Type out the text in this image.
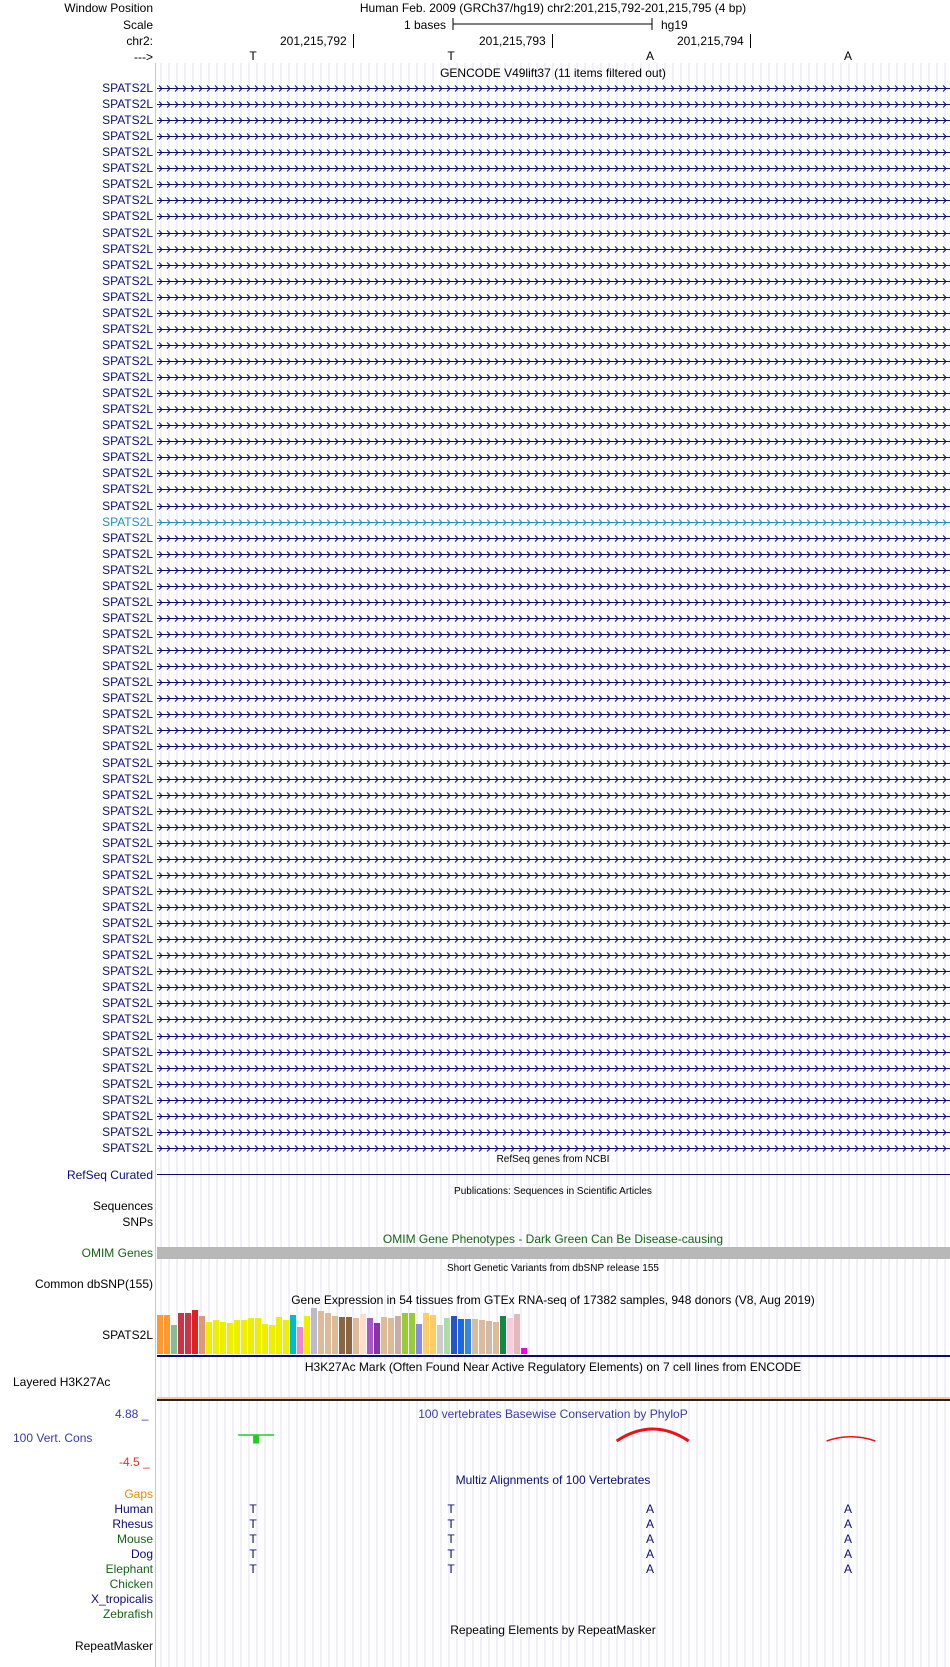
Window Position
Scale
chr2:
--->
Human Feb. 2009 (GRCh37/hg19) chr2:201,215,792-201,215,795 (4 bp)
1 bases	hg19
201,215,792	201,215,793	201,215,794
T	T	A	A
GENCODE V49lift37 (11 items filtered out)
SPATS2L
SPATS2L
SPATS2L
SPATS2L
SPATS2L
SPATS2L
SPATS2L
SPATS2L
SPATS2L
SPATS2L
SPATS2L
SPATS2L
SPATS2L
SPATS2L
SPATS2L
SPATS2L
SPATS2L
SPATS2L
SPATS2L
SPATS2L
SPATS2L
SPATS2L
SPATS2L
SPATS2L
SPATS2L
SPATS2L
SPATS2L
SPATS2L
SPATS2L
SPATS2L
SPATS2L
SPATS2L
SPATS2L
SPATS2L
SPATS2L
SPATS2L
SPATS2L
SPATS2L
SPATS2L
SPATS2L
SPATS2L
SPATS2L
SPATS2L
SPATS2L
SPATS2L
SPATS2L
SPATS2L
SPATS2L
SPATS2L
SPATS2L
SPATS2L
SPATS2L
SPATS2L
SPATS2L
SPATS2L
SPATS2L
SPATS2L
SPATS2L
SPATS2L
SPATS2L
SPATS2L
SPATS2L
SPATS2L
SPATS2L
SPATS2L
SPATS2L
SPATS2L
RefSeq genes from NCBI
RefSeq Curated
Publications: Sequences in Scientific Articles
Sequences
SNPs
OMIM Gene Phenotypes - Dark Green Can Be Disease-causing
OMIM Genes
Short Genetic Variants from dbSNP release 155
Common dbSNP(155)
Gene Expression in 54 tissues from GTEx RNA-seq of 17382 samples, 948 donors (V8, Aug 2019)
SPATS2L
H3K27Ac Mark (Often Found Near Active Regulatory Elements) on 7 cell lines from ENCODE
Layered H3K27Ac
4.88 _	100 vertebrates Basewise Conservation by PhyloP
100 Vert. Cons
-4.5 _
Multiz Alignments of 100 Vertebrates
Gaps
Human	T	T	A	A
Rhesus	T	T	A	A
Mouse	T	T	A	A
Dog	T	T	A	A
Elephant	T	T	A	A
Chicken
X_tropicalis
Zebrafish
Repeating Elements by RepeatMasker
RepeatMasker
